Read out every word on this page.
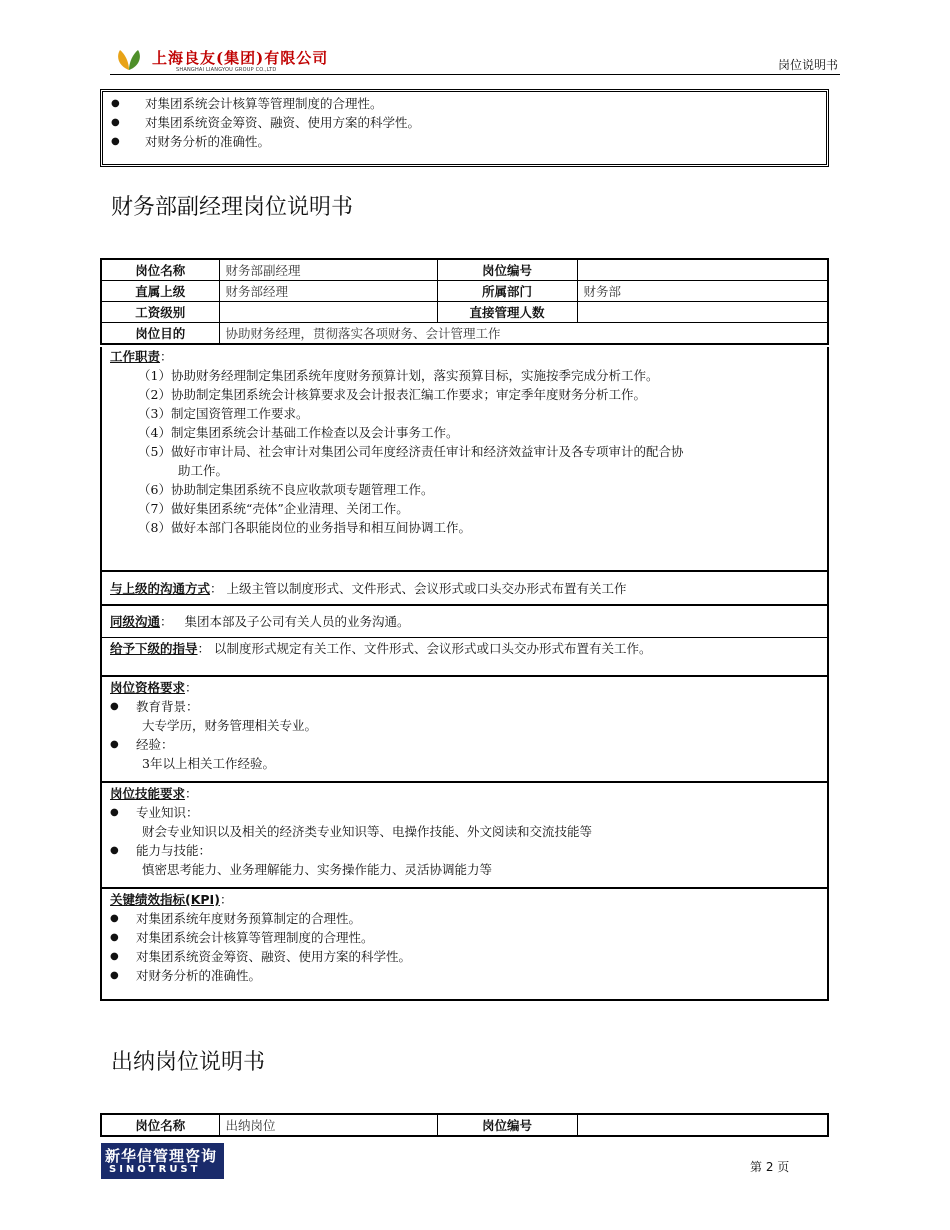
上海良友(集团)有限公司
SHANGHAI LIANGYOU GROUP CO.,LTD	岗位说明书
● 对集团系统会计核算等管理制度的合理性。
● 对集团系统资金筹资、融资、使用方案的科学性。
● 对财务分析的准确性。
财务部副经理岗位说明书
岗位名称	财务部副经理	岗位编号	
直属上级	财务部经理	所属部门	财务部
工资级别		直接管理人数	
岗位目的	协助财务经理，贯彻落实各项财务、会计管理工作		
工作职责：
（1）协助财务经理制定集团系统年度财务预算计划，落实预算目标，实施按季完成分析工作。
（2）协助制定集团系统会计核算要求及会计报表汇编工作要求；审定季年度财务分析工作。
（3）制定国资管理工作要求。
（4）制定集团系统会计基础工作检查以及会计事务工作。
（5）做好市审计局、社会审计对集团公司年度经济责任审计和经济效益审计及各专项审计的配合协
助工作。
（6）协助制定集团系统不良应收款项专题管理工作。
（7）做好集团系统“壳体”企业清理、关闭工作。
（8）做好本部门各职能岗位的业务指导和相互间协调工作。
与上级的沟通方式： 上级主管以制度形式、文件形式、会议形式或口头交办形式布置有关工作
同级沟通：   集团本部及子公司有关人员的业务沟通。
给予下级的指导： 以制度形式规定有关工作、文件形式、会议形式或口头交办形式布置有关工作。
岗位资格要求：
● 教育背景：
大专学历，财务管理相关专业。
● 经验：
3年以上相关工作经验。
岗位技能要求：
● 专业知识：
财会专业知识以及相关的经济类专业知识等、电操作技能、外文阅读和交流技能等
● 能力与技能：
慎密思考能力、业务理解能力、实务操作能力、灵活协调能力等
关键绩效指标(KPI)：
● 对集团系统年度财务预算制定的合理性。
● 对集团系统会计核算等管理制度的合理性。
● 对集团系统资金筹资、融资、使用方案的科学性。
● 对财务分析的准确性。
出纳岗位说明书
岗位名称	出纳岗位	岗位编号	
新华信管理咨询
SINOTRUST	第 2 页
